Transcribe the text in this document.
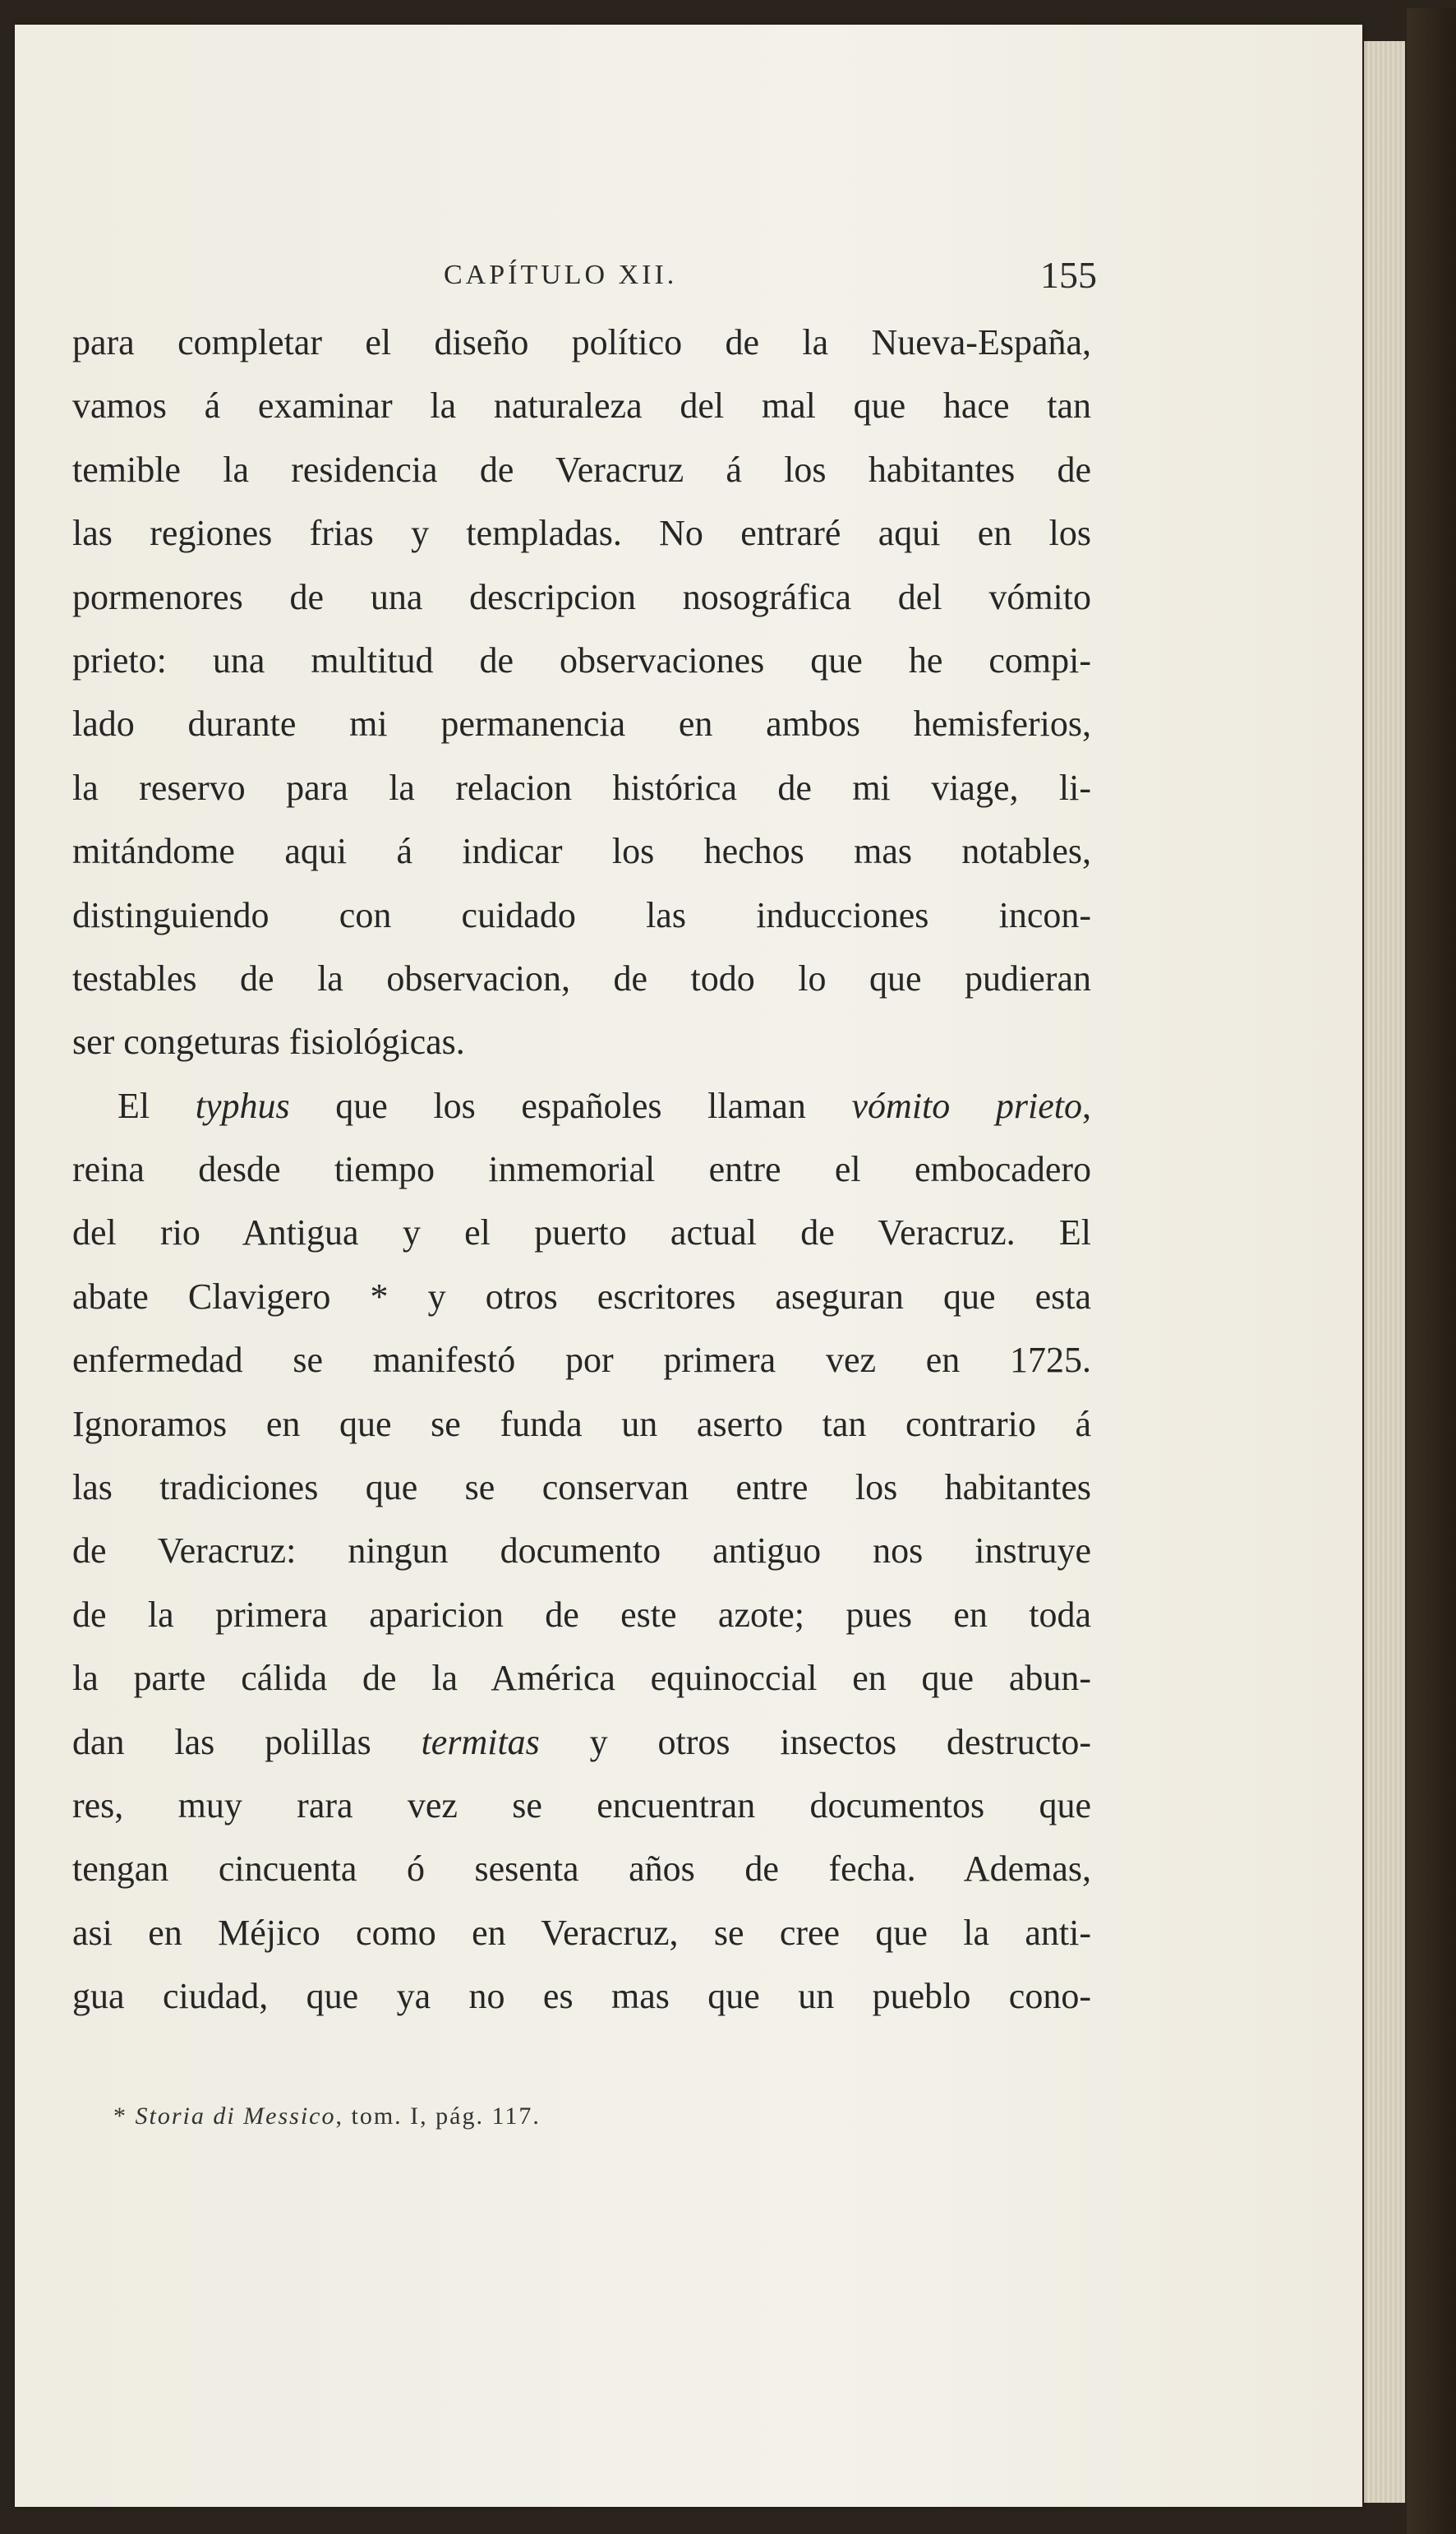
CAPÍTULO XII.	155
para completar el diseño político de la Nueva-España,
vamos á examinar la naturaleza del mal que hace tan
temible la residencia de Veracruz á los habitantes de
las regiones frias y templadas. No entraré aqui en los
pormenores de una descripcion nosográfica del vómito
prieto: una multitud de observaciones que he compi-
lado durante mi permanencia en ambos hemisferios,
la reservo para la relacion histórica de mi viage, li-
mitándome aqui á indicar los hechos mas notables,
distinguiendo con cuidado las inducciones incon-
testables de la observacion, de todo lo que pudieran
ser congeturas fisiológicas.
El typhus que los españoles llaman vómito prieto,
reina desde tiempo inmemorial entre el embocadero
del rio Antigua y el puerto actual de Veracruz. El
abate Clavigero * y otros escritores aseguran que esta
enfermedad se manifestó por primera vez en 1725.
Ignoramos en que se funda un aserto tan contrario á
las tradiciones que se conservan entre los habitantes
de Veracruz: ningun documento antiguo nos instruye
de la primera aparicion de este azote; pues en toda
la parte cálida de la América equinoccial en que abun-
dan las polillas termitas y otros insectos destructo-
res, muy rara vez se encuentran documentos que
tengan cincuenta ó sesenta años de fecha. Ademas,
asi en Méjico como en Veracruz, se cree que la anti-
gua ciudad, que ya no es mas que un pueblo cono-
* Storia di Messico, tom. I, pág. 117.
